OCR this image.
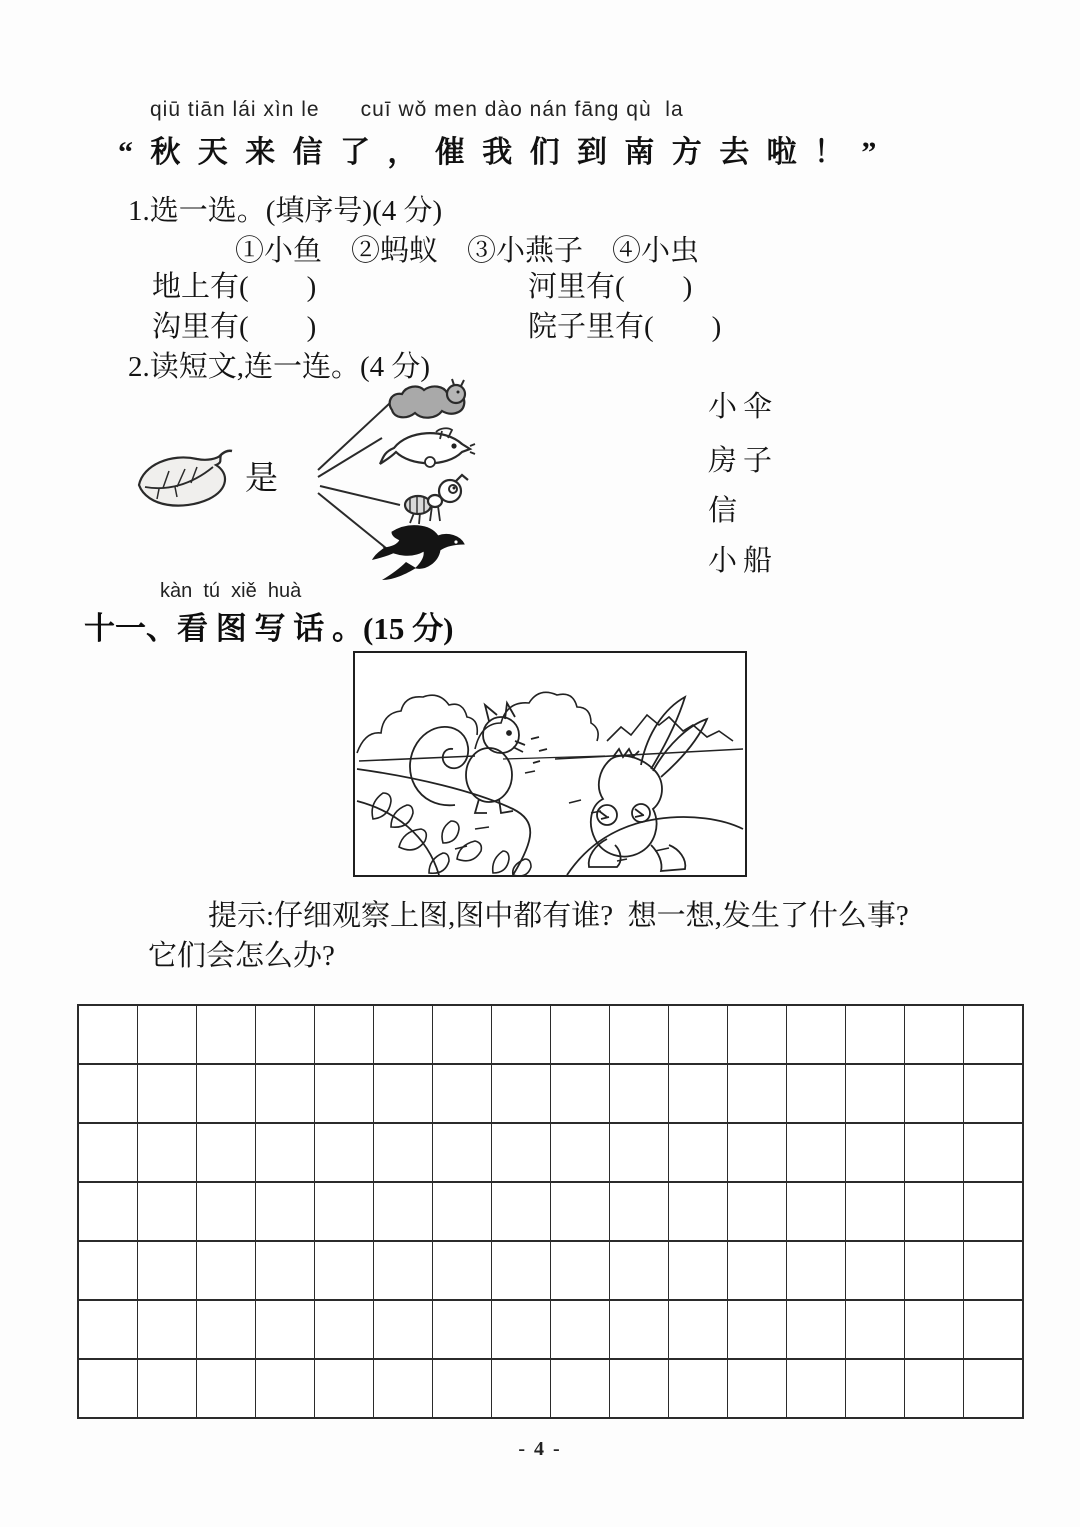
qiū tiān lái xìn le      cuī wǒ men dào nán fāng qù  la
“秋天来信了，催我们到南方去啦！”
1.选一选。(填序号)(4 分)
①小鱼　②蚂蚁　③小燕子　④小虫
地上有(　　)	河里有(　　)
沟里有(　　)	院子里有(　　)
2.读短文,连一连。(4 分)
是
小伞
房子
信
小船
kàn  tú  xiě  huà
十一、看 图 写 话 。(15 分)
提示:仔细观察上图,图中都有谁?  想一想,发生了什么事?
它们会怎么办?
- 4 -
